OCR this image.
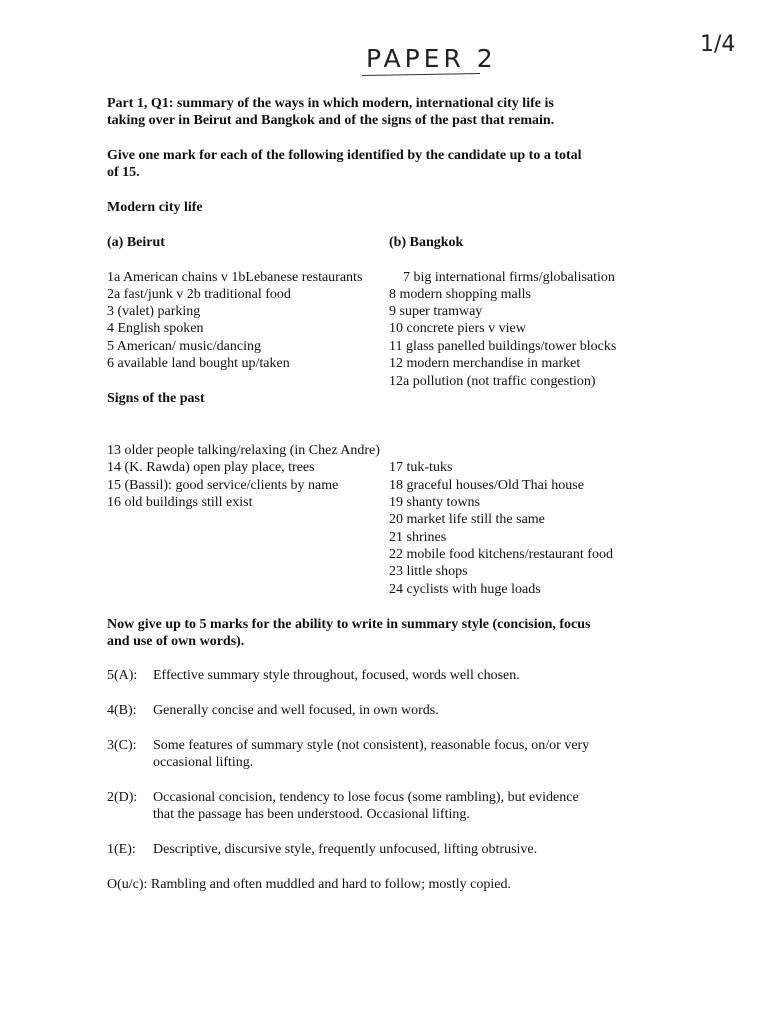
PAPER 2	1/4
Part 1, Q1: summary of the ways in which modern, international city life is
taking over in Beirut and Bangkok and of the signs of the past that remain.
Give one mark for each of the following identified by the candidate up to a total
of 15.
Modern city life
(a) Beirut	(b) Bangkok
1a American chains v 1bLebanese restaurants
2a fast/junk v 2b traditional food
3 (valet) parking
4 English spoken
5 American/ music/dancing
6 available land bought up/taken
7 big international firms/globalisation
8 modern shopping malls
9 super tramway
10 concrete piers v view
11 glass panelled buildings/tower blocks
12 modern merchandise in market
12a pollution (not traffic congestion)
Signs of the past
13 older people talking/relaxing (in Chez Andre)
14 (K. Rawda) open play place, trees
15 (Bassil): good service/clients by name
16 old buildings still exist
17 tuk-tuks
18 graceful houses/Old Thai house
19 shanty towns
20 market life still the same
21 shrines
22 mobile food kitchens/restaurant food
23 little shops
24 cyclists with huge loads
Now give up to 5 marks for the ability to write in summary style (concision, focus
and use of own words).
5(A): Effective summary style throughout, focused, words well chosen.
4(B): Generally concise and well focused, in own words.
3(C): Some features of summary style (not consistent), reasonable focus, on/or very
occasional lifting.
2(D): Occasional concision, tendency to lose focus (some rambling), but evidence
that the passage has been understood. Occasional lifting.
1(E): Descriptive, discursive style, frequently unfocused, lifting obtrusive.
O(u/c): Rambling and often muddled and hard to follow; mostly copied.
